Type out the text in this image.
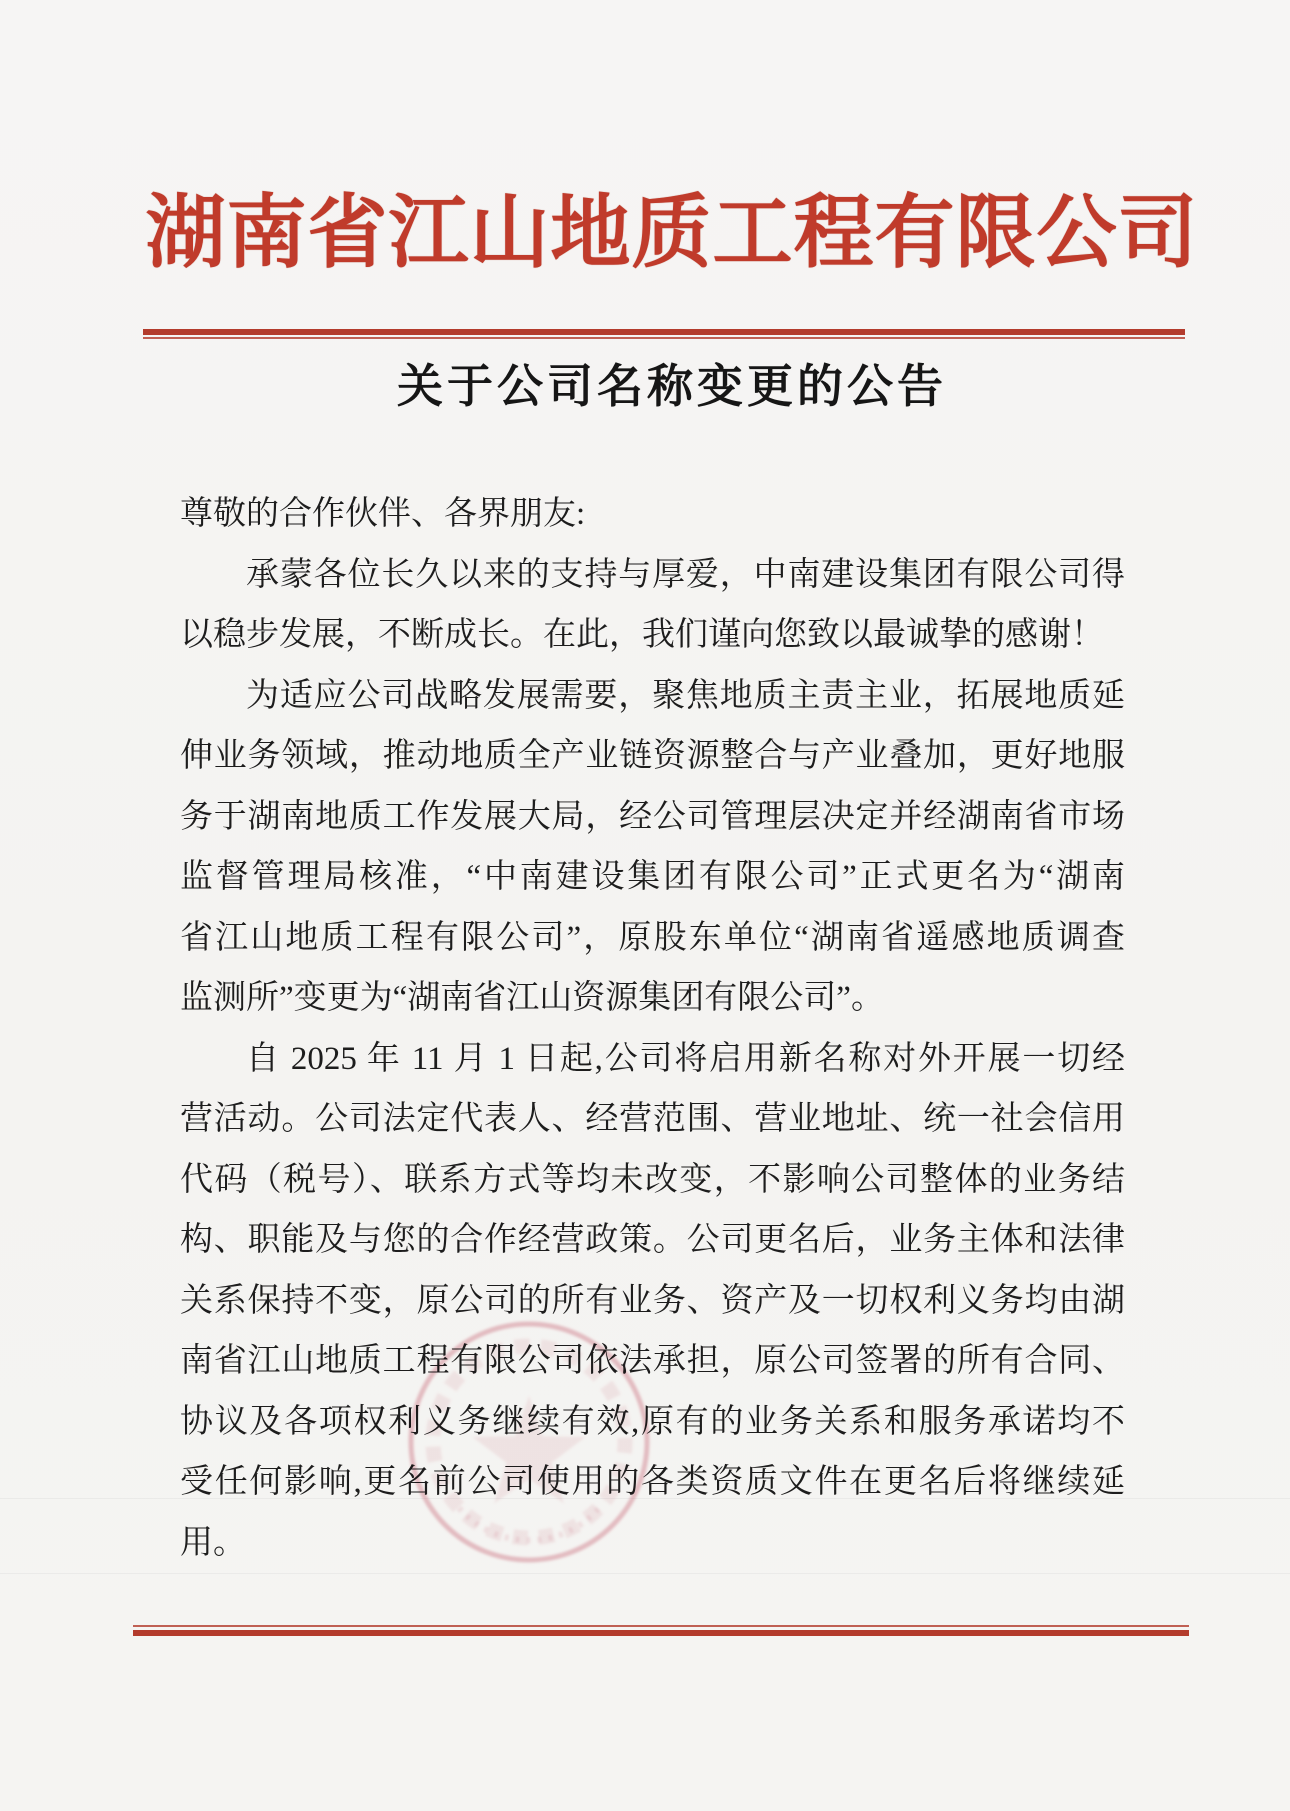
湖南省江山地质工程有限公司
关于公司名称变更的公告

尊敬的合作伙伴、各界朋友:

承蒙各位长久以来的支持与厚爱，中南建设集团有限公司得

以稳步发展，不断成长。在此，我们谨向您致以最诚挚的感谢！

为适应公司战略发展需要，聚焦地质主责主业，拓展地质延

伸业务领域，推动地质全产业链资源整合与产业叠加，更好地服

务于湖南地质工作发展大局，经公司管理层决定并经湖南省市场

监督管理局核准，“中南建设集团有限公司”正式更名为“湖南

省江山地质工程有限公司”，原股东单位“湖南省遥感地质调查

监测所”变更为“湖南省江山资源集团有限公司”。

自 2025 年 11 月 1 日起,公司将启用新名称对外开展一切经

营活动。公司法定代表人、经营范围、营业地址、统一社会信用

代码（税号）、联系方式等均未改变，不影响公司整体的业务结

构、职能及与您的合作经营政策。公司更名后，业务主体和法律

关系保持不变，原公司的所有业务、资产及一切权利义务均由湖

南省江山地质工程有限公司依法承担，原公司签署的所有合同、

协议及各项权利义务继续有效,原有的业务关系和服务承诺均不

受任何影响,更名前公司使用的各类资质文件在更名后将继续延

用。
